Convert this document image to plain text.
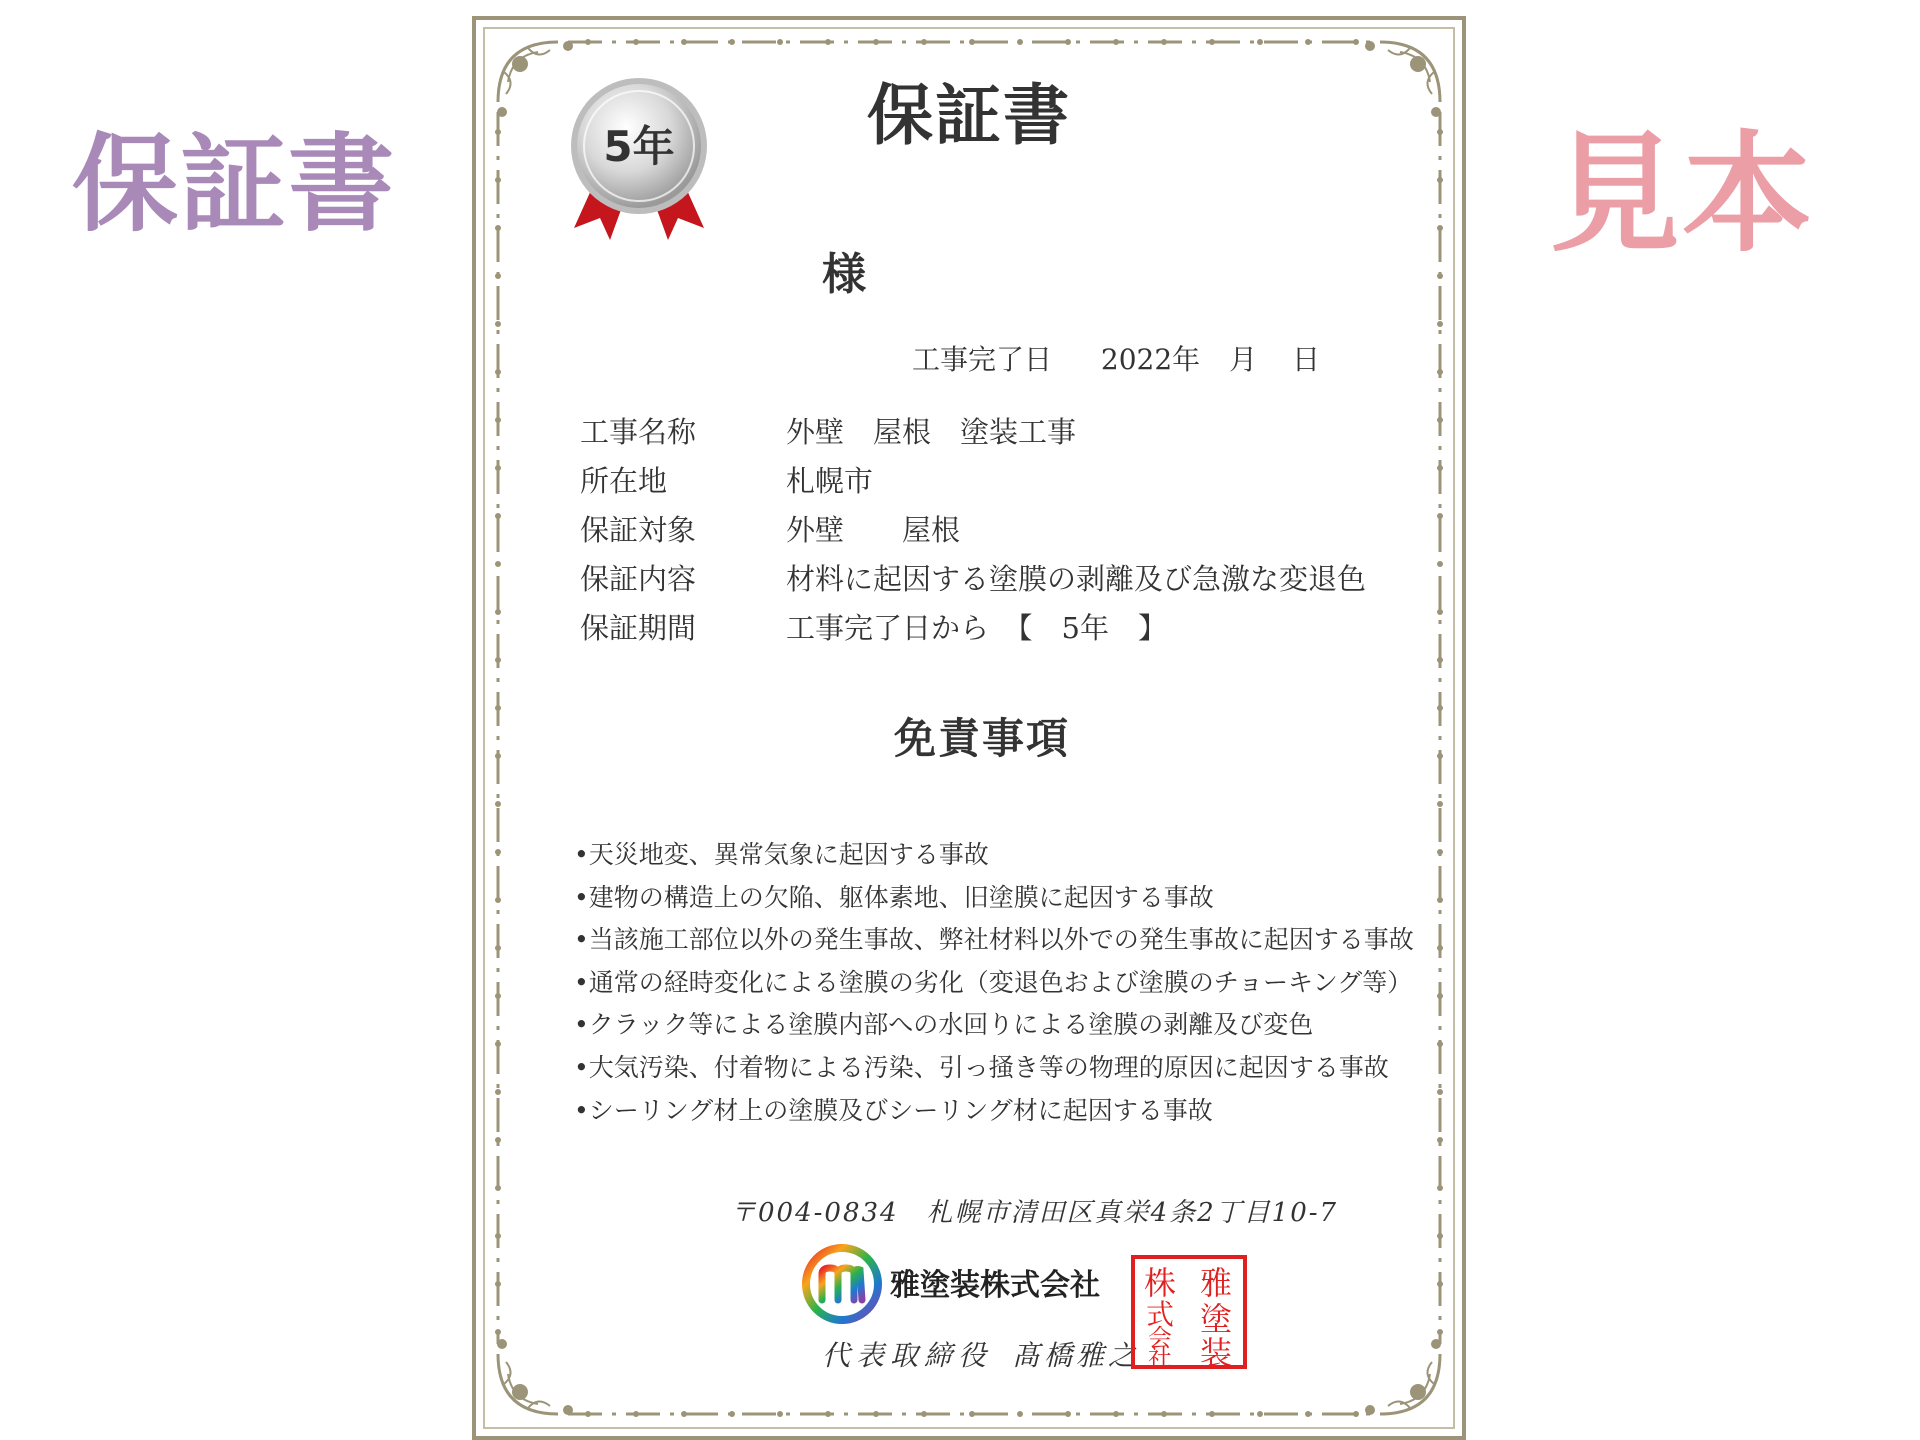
保証書	見本
5年	保証書
様
工事完了日 2022年 月 日
工事名称	外壁　屋根　塗装工事
所在地	札幌市
保証対象	外壁　　屋根
保証内容	材料に起因する塗膜の剥離及び急激な変退色
保証期間	工事完了日から　【　5年　】
免責事項
•天災地変、異常気象に起因する事故
•建物の構造上の欠陥、躯体素地、旧塗膜に起因する事故
•当該施工部位以外の発生事故、弊社材料以外での発生事故に起因する事故
•通常の経時変化による塗膜の劣化（変退色および塗膜のチョーキング等）
•クラック等による塗膜内部への水回りによる塗膜の剥離及び変色
•大気汚染、付着物による汚染、引っ掻き等の物理的原因に起因する事故
•シーリング材上の塗膜及びシーリング材に起因する事故
〒004-0834　札幌市清田区真栄4条2丁目10-7
雅塗装株式会社
代表取締役 髙橋雅之
株
式
会
社
雅
塗
装
